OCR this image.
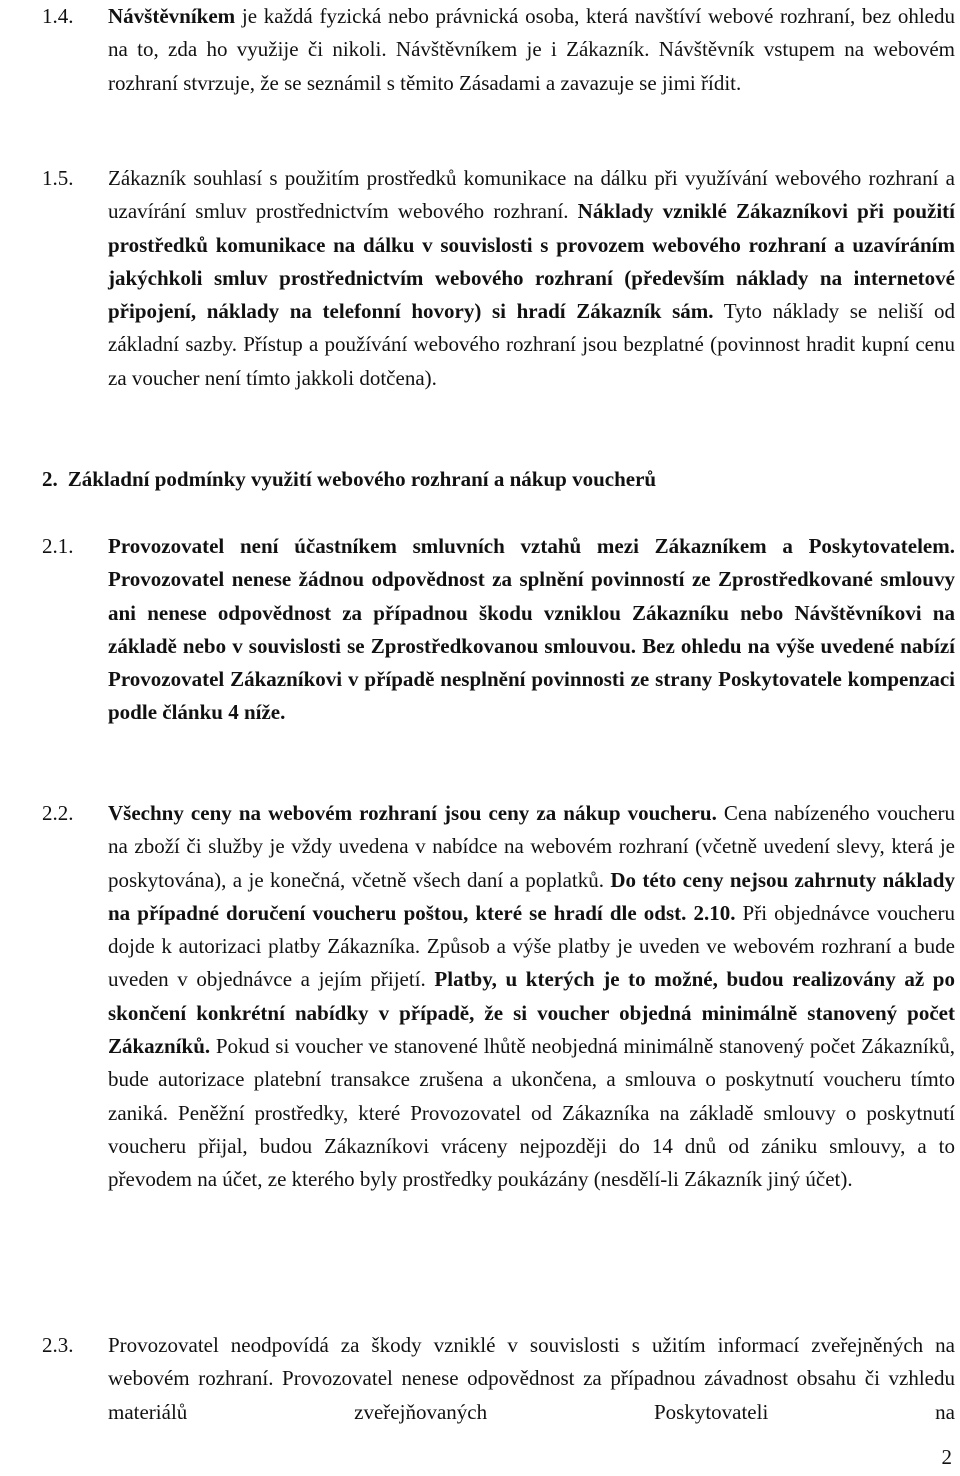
1.4. Návštěvníkem je každá fyzická nebo právnická osoba, která navštíví webové rozhraní, bez ohledu na to, zda ho využije či nikoli. Návštěvníkem je i Zákazník. Návštěvník vstupem na webovém rozhraní stvrzuje, že se seznámil s těmito Zásadami a zavazuje se jimi řídit.
1.5. Zákazník souhlasí s použitím prostředků komunikace na dálku při využívání webového rozhraní a uzavírání smluv prostřednictvím webového rozhraní. Náklady vzniklé Zákazníkovi při použití prostředků komunikace na dálku v souvislosti s provozem webového rozhraní a uzavíráním jakýchkoli smluv prostřednictvím webového rozhraní (především náklady na internetové připojení, náklady na telefonní hovory) si hradí Zákazník sám. Tyto náklady se neliší od základní sazby. Přístup a používání webového rozhraní jsou bezplatné (povinnost hradit kupní cenu za voucher není tímto jakkoli dotčena).
2. Základní podmínky využití webového rozhraní a nákup voucherů
2.1. Provozovatel není účastníkem smluvních vztahů mezi Zákazníkem a Poskytovatelem. Provozovatel nenese žádnou odpovědnost za splnění povinností ze Zprostředkované smlouvy ani nenese odpovědnost za případnou škodu vzniklou Zákazníku nebo Návštěvníkovi na základě nebo v souvislosti se Zprostředkovanou smlouvou. Bez ohledu na výše uvedené nabízí Provozovatel Zákazníkovi v případě nesplnění povinnosti ze strany Poskytovatele kompenzaci podle článku 4 níže.
2.2. Všechny ceny na webovém rozhraní jsou ceny za nákup voucheru. Cena nabízeného voucheru na zboží či služby je vždy uvedena v nabídce na webovém rozhraní (včetně uvedení slevy, která je poskytována), a je konečná, včetně všech daní a poplatků. Do této ceny nejsou zahrnuty náklady na případné doručení voucheru poštou, které se hradí dle odst. 2.10. Při objednávce voucheru dojde k autorizaci platby Zákazníka. Způsob a výše platby je uveden ve webovém rozhraní a bude uveden v objednávce a jejím přijetí. Platby, u kterých je to možné, budou realizovány až po skončení konkrétní nabídky v případě, že si voucher objedná minimálně stanovený počet Zákazníků. Pokud si voucher ve stanovené lhůtě neobjedná minimálně stanovený počet Zákazníků, bude autorizace platební transakce zrušena a ukončena, a smlouva o poskytnutí voucheru tímto zaniká. Peněžní prostředky, které Provozovatel od Zákazníka na základě smlouvy o poskytnutí voucheru přijal, budou Zákazníkovi vráceny nejpozději do 14 dnů od zániku smlouvy, a to převodem na účet, ze kterého byly prostředky poukázány (nesdělí-li Zákazník jiný účet).
2.3. Provozovatel neodpovídá za škody vzniklé v souvislosti s užitím informací zveřejněných na webovém rozhraní. Provozovatel nenese odpovědnost za případnou závadnost obsahu či vzhledu materiálů zveřejňovaných Poskytovateli na
2
